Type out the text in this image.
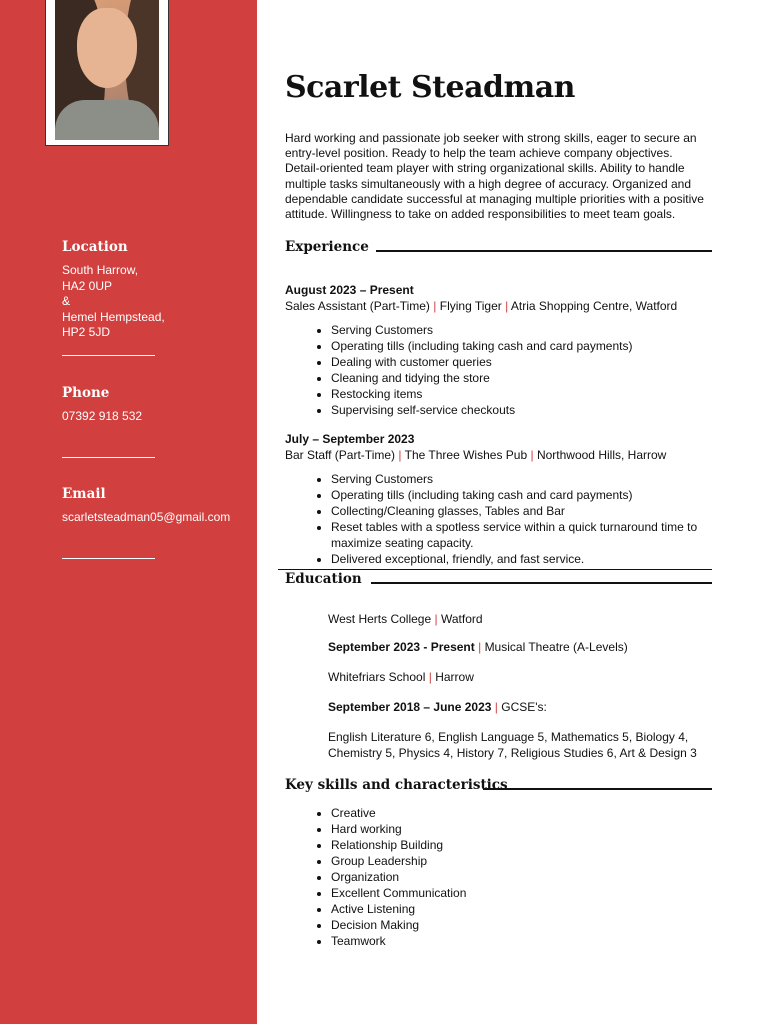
Location
South Harrow,
HA2 0UP
&
Hemel Hempstead,
HP2 5JD
Phone
07392 918 532
Email
scarletsteadman05@gmail.com
Scarlet Steadman
Hard working and passionate job seeker with strong skills, eager to secure an entry-level position. Ready to help the team achieve company objectives. Detail-oriented team player with string organizational skills. Ability to handle multiple tasks simultaneously with a high degree of accuracy. Organized and dependable candidate successful at managing multiple priorities with a positive attitude. Willingness to take on added responsibilities to meet team goals.
Experience
August 2023 – Present
Sales Assistant (Part-Time) | Flying Tiger | Atria Shopping Centre, Watford
• Serving Customers
• Operating tills (including taking cash and card payments)
• Dealing with customer queries
• Cleaning and tidying the store
• Restocking items
• Supervising self-service checkouts
July – September 2023
Bar Staff (Part-Time) | The Three Wishes Pub | Northwood Hills, Harrow
• Serving Customers
• Operating tills (including taking cash and card payments)
• Collecting/Cleaning glasses, Tables and Bar
• Reset tables with a spotless service within a quick turnaround time to maximize seating capacity.
• Delivered exceptional, friendly, and fast service.
Education
West Herts College | Watford
September 2023 - Present | Musical Theatre (A-Levels)
Whitefriars School | Harrow
September 2018 – June 2023 | GCSE's:
English Literature 6, English Language 5, Mathematics 5, Biology 4, Chemistry 5, Physics 4, History 7, Religious Studies 6, Art & Design 3
Key skills and characteristics
• Creative
• Hard working
• Relationship Building
• Group Leadership
• Organization
• Excellent Communication
• Active Listening
• Decision Making
• Teamwork
